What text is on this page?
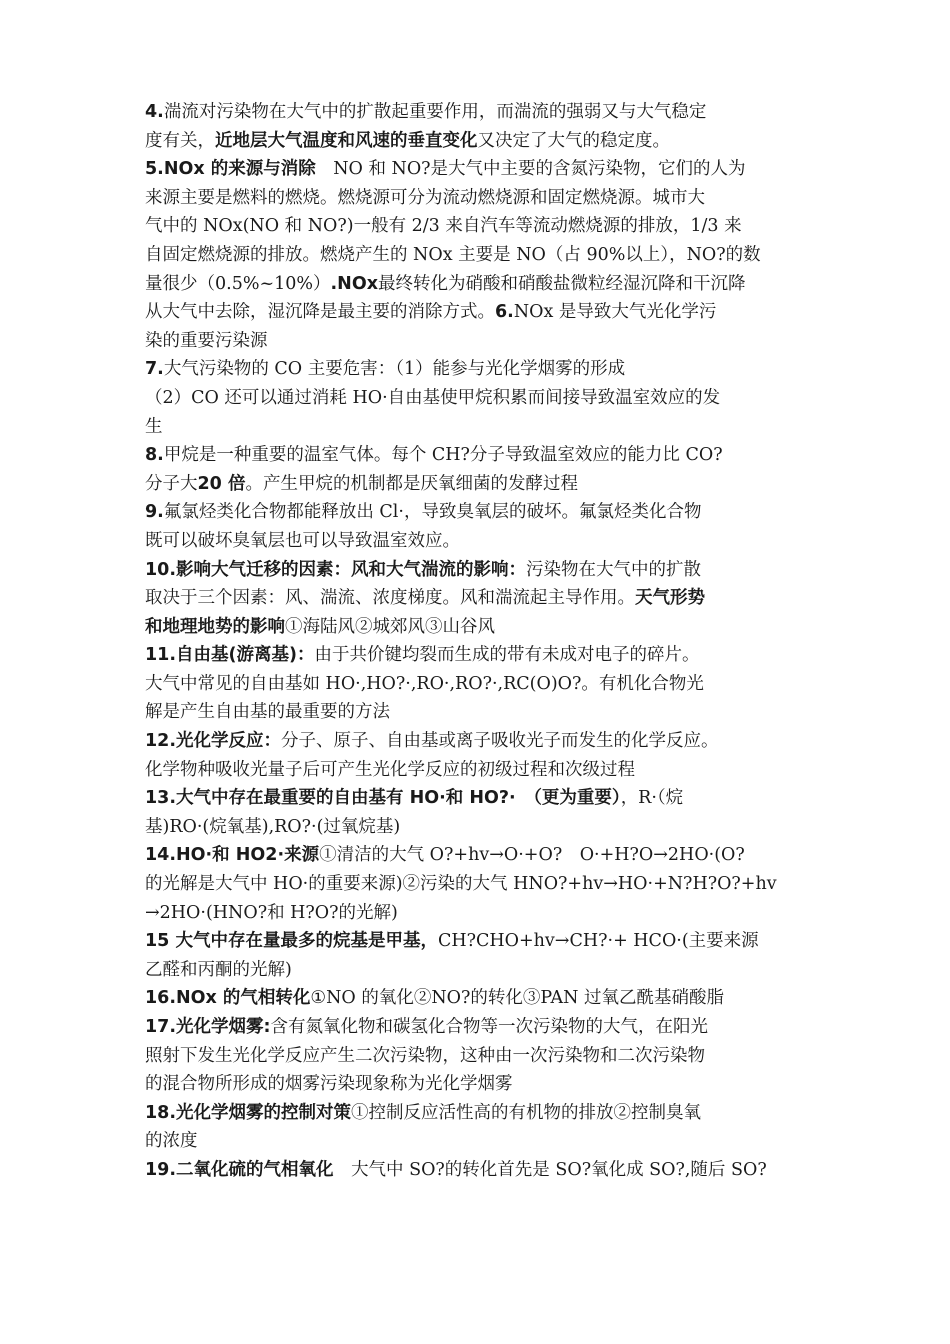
4.湍流对污染物在大气中的扩散起重要作用，而湍流的强弱又与大气稳定
度有关，近地层大气温度和风速的垂直变化又决定了大气的稳定度。
5.NOx 的来源与消除　NO 和 NO?是大气中主要的含氮污染物，它们的人为
来源主要是燃料的燃烧。燃烧源可分为流动燃烧源和固定燃烧源。城市大
气中的 NOx(NO 和 NO?)一般有 2/3 来自汽车等流动燃烧源的排放，1/3 来
自固定燃烧源的排放。燃烧产生的 NOx 主要是 NO（占 90%以上），NO?的数
量很少（0.5%~10%）.NOx最终转化为硝酸和硝酸盐微粒经湿沉降和干沉降
从大气中去除，湿沉降是最主要的消除方式。6.NOx 是导致大气光化学污
染的重要污染源
7.大气污染物的 CO 主要危害：（1）能参与光化学烟雾的形成
（2）CO 还可以通过消耗 HO·自由基使甲烷积累而间接导致温室效应的发
生
8.甲烷是一种重要的温室气体。每个 CH?分子导致温室效应的能力比 CO?
分子大20 倍。产生甲烷的机制都是厌氧细菌的发酵过程
9.氟氯烃类化合物都能释放出 Cl·，导致臭氧层的破坏。氟氯烃类化合物
既可以破坏臭氧层也可以导致温室效应。
10.影响大气迁移的因素：风和大气湍流的影响：污染物在大气中的扩散
取决于三个因素：风、湍流、浓度梯度。风和湍流起主导作用。天气形势
和地理地势的影响①海陆风②城郊风③山谷风
11.自由基(游离基)：由于共价键均裂而生成的带有未成对电子的碎片。
大气中常见的自由基如 HO·,HO?·,RO·,RO?·,RC(O)O?。有机化合物光
解是产生自由基的最重要的方法
12.光化学反应：分子、原子、自由基或离子吸收光子而发生的化学反应。
化学物种吸收光量子后可产生光化学反应的初级过程和次级过程
13.大气中存在最重要的自由基有 HO·和 HO?·　（更为重要），R·（烷
基)RO·(烷氧基),RO?·(过氧烷基)
14.HO·和 HO2·来源①清洁的大气 O?+hv→O·+O?　O·+H?O→2HO·(O?
的光解是大气中 HO·的重要来源)②污染的大气 HNO?+hv→HO·+N?H?O?+hv
→2HO·(HNO?和 H?O?的光解)
15 大气中存在量最多的烷基是甲基，CH?CHO+hv→CH?·+ HCO·(主要来源
乙醛和丙酮的光解)
16.NOx 的气相转化①NO 的氧化②NO?的转化③PAN 过氧乙酰基硝酸脂
17.光化学烟雾:含有氮氧化物和碳氢化合物等一次污染物的大气，在阳光
照射下发生光化学反应产生二次污染物，这种由一次污染物和二次污染物
的混合物所形成的烟雾污染现象称为光化学烟雾
18.光化学烟雾的控制对策①控制反应活性高的有机物的排放②控制臭氧
的浓度
19.二氧化硫的气相氧化　大气中 SO?的转化首先是 SO?氧化成 SO?,随后 SO?
